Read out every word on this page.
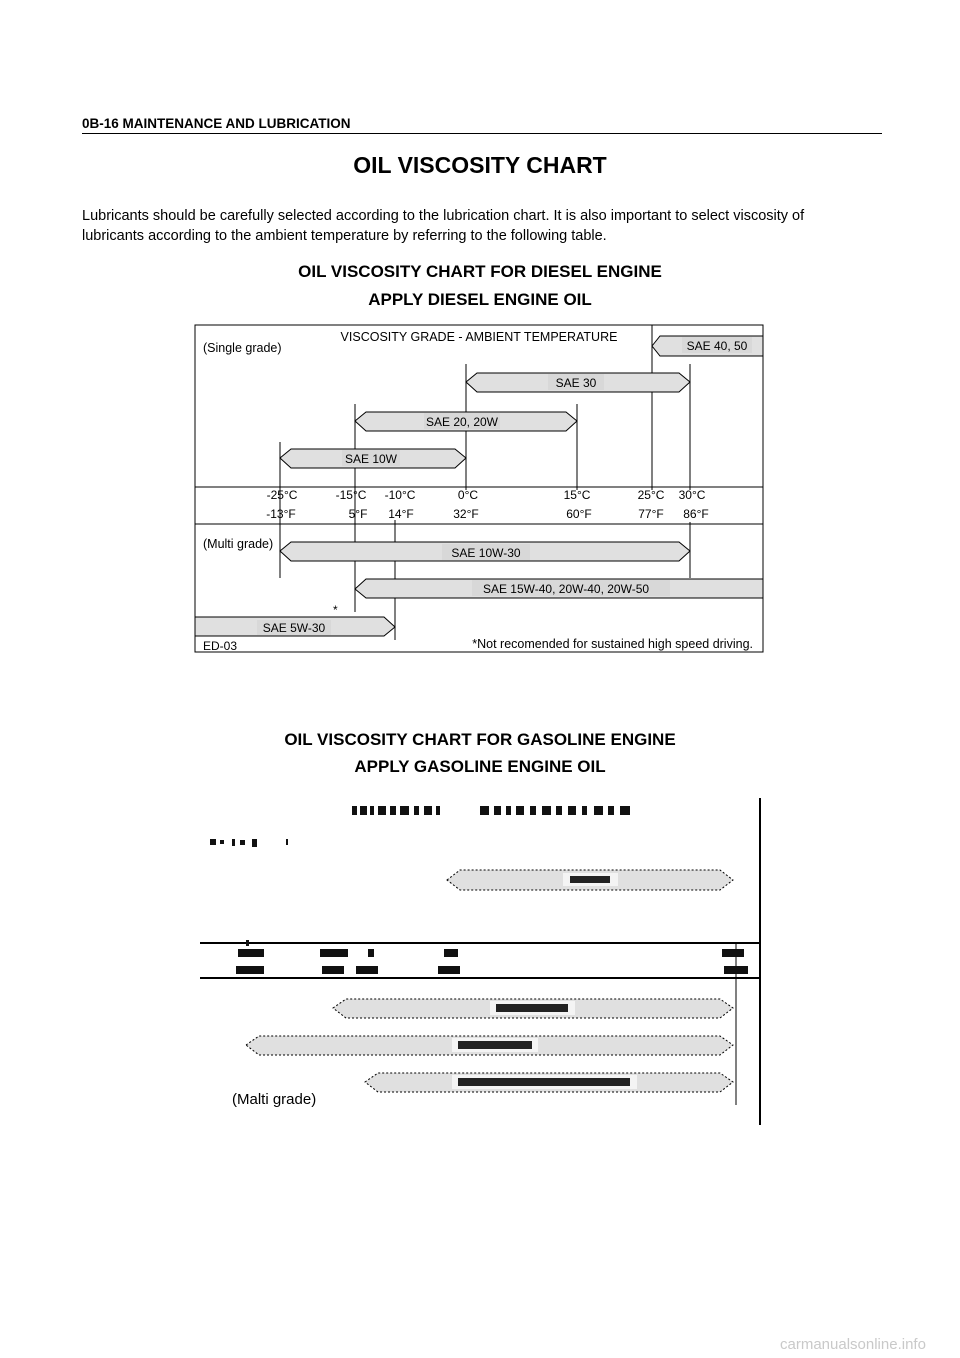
0B-16 MAINTENANCE AND LUBRICATION
OIL VISCOSITY CHART
Lubricants should be carefully selected according to the lubrication chart. It is also important to select viscosity of
lubricants according to the ambient temperature by referring to the following table.
OIL VISCOSITY CHART FOR DIESEL ENGINE
APPLY DIESEL ENGINE OIL
OIL VISCOSITY CHART FOR GASOLINE ENGINE
APPLY GASOLINE ENGINE OIL
VISCOSITY GRADE - AMBIENT TEMPERATURE
(Single grade)	SAE 40, 50
SAE 30
SAE 20, 20W
SAE 10W
-25°C	-15°C -10°C	0°C	15°C	25°C 30°C
-13°F	5°F 14°F	32°F	60°F	77°F 86°F
(Multi grade)
SAE 10W-30
SAE 15W-40, 20W-40, 20W-50
SAE 5W-30
*
ED-03	*Not recomended for sustained high speed driving.
(Malti grade)
carmanualsonline.info
